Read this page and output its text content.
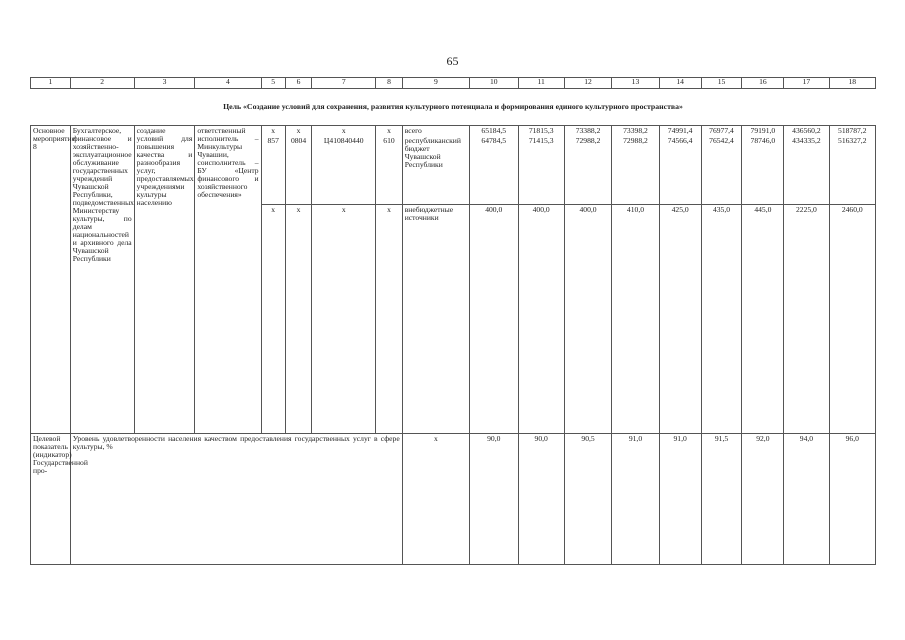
65
1	2	3	4	5	6	7	8	9	10	11	12	13	14	15	16	17	18
Цель «Создание условий для сохранения, развития культурного потенциала и формирования единого культурного пространства»																	
Основное мероприятие 8	Бухгалтерское, финансовое и хозяйственно-эксплуатационное обслуживание государственных учреждений Чувашской Республики, подведомственных Министерству культуры, по делам национальностей и архивного дела Чувашской Республики	создание условий для повышения качества и разнообразия услуг, предоставляемых учреждениями культуры населению	ответственный исполнитель – Минкультуры Чувашии, соисполнитель – БУ «Центр финансового и хозяйственного обеспечения»	x	x	x	x	всего	65184,5	71815,3	73388,2	73398,2	74991,4	76977,4	79191,0	436560,2	518787,2
				857	0804	Ц410840440	610	республиканский бюджет Чувашской Республики	64784,5	71415,3	72988,2	72988,2	74566,4	76542,4	78746,0	434335,2	516327,2
				x	x	x	x	внебюджетные источники	400,0	400,0	400,0	410,0	425,0	435,0	445,0	2225,0	2460,0
Целевой показатель (индикатор) Государственной про-	Уровень удовлетворенности населения качеством предоставления государственных услуг в сфере культуры, %							x	90,0	90,0	90,5	91,0	91,0	91,5	92,0	94,0	96,0
